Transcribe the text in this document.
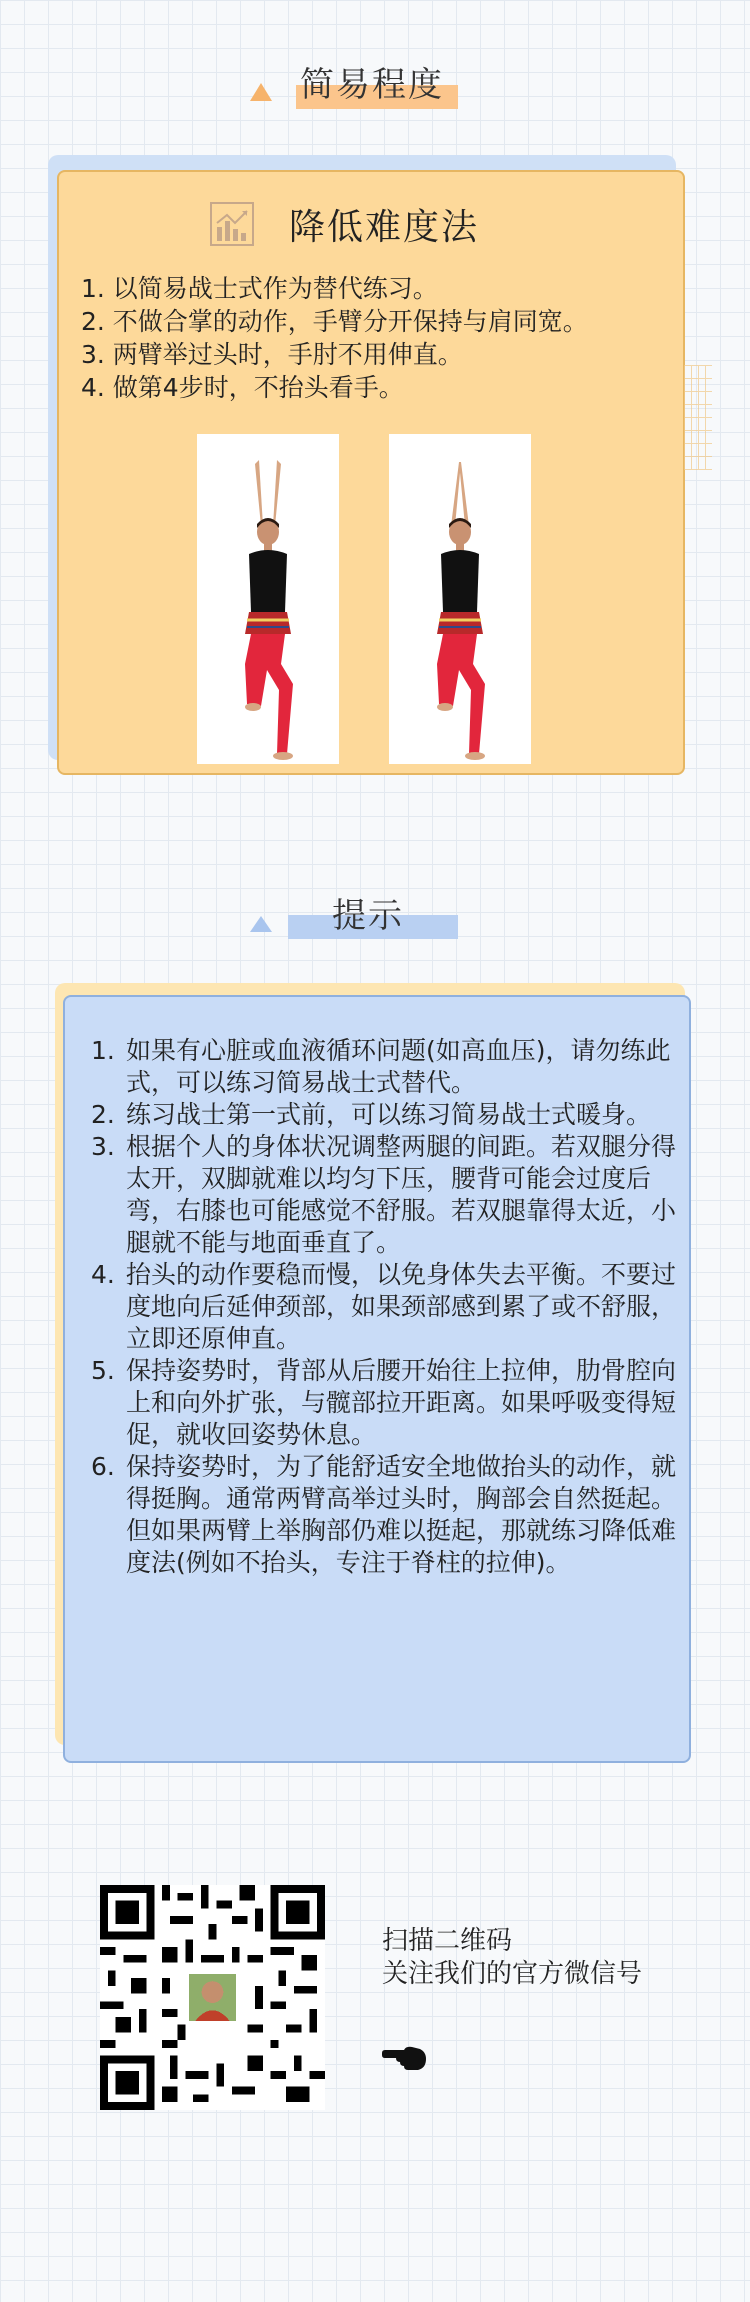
简易程度
降低难度法
1. 以简易战士式作为替代练习。
2. 不做合掌的动作，手臂分开保持与肩同宽。
3. 两臂举过头时，手肘不用伸直。
4. 做第4步时，不抬头看手。
提示
1. 如果有心脏或血液循环问题(如高血压)，请勿练此式，可以练习简易战士式替代。
2. 练习战士第一式前，可以练习简易战士式暖身。
3. 根据个人的身体状况调整两腿的间距。若双腿分得太开，双脚就难以均匀下压，腰背可能会过度后弯，右膝也可能感觉不舒服。若双腿靠得太近，小腿就不能与地面垂直了。
4. 抬头的动作要稳而慢，以免身体失去平衡。不要过度地向后延伸颈部，如果颈部感到累了或不舒服，立即还原伸直。
5. 保持姿势时，背部从后腰开始往上拉伸，肋骨腔向上和向外扩张，与髋部拉开距离。如果呼吸变得短促，就收回姿势休息。
6. 保持姿势时，为了能舒适安全地做抬头的动作，就得挺胸。通常两臂高举过头时，胸部会自然挺起。但如果两臂上举胸部仍难以挺起，那就练习降低难度法(例如不抬头，专注于脊柱的拉伸)。
扫描二维码
关注我们的官方微信号
